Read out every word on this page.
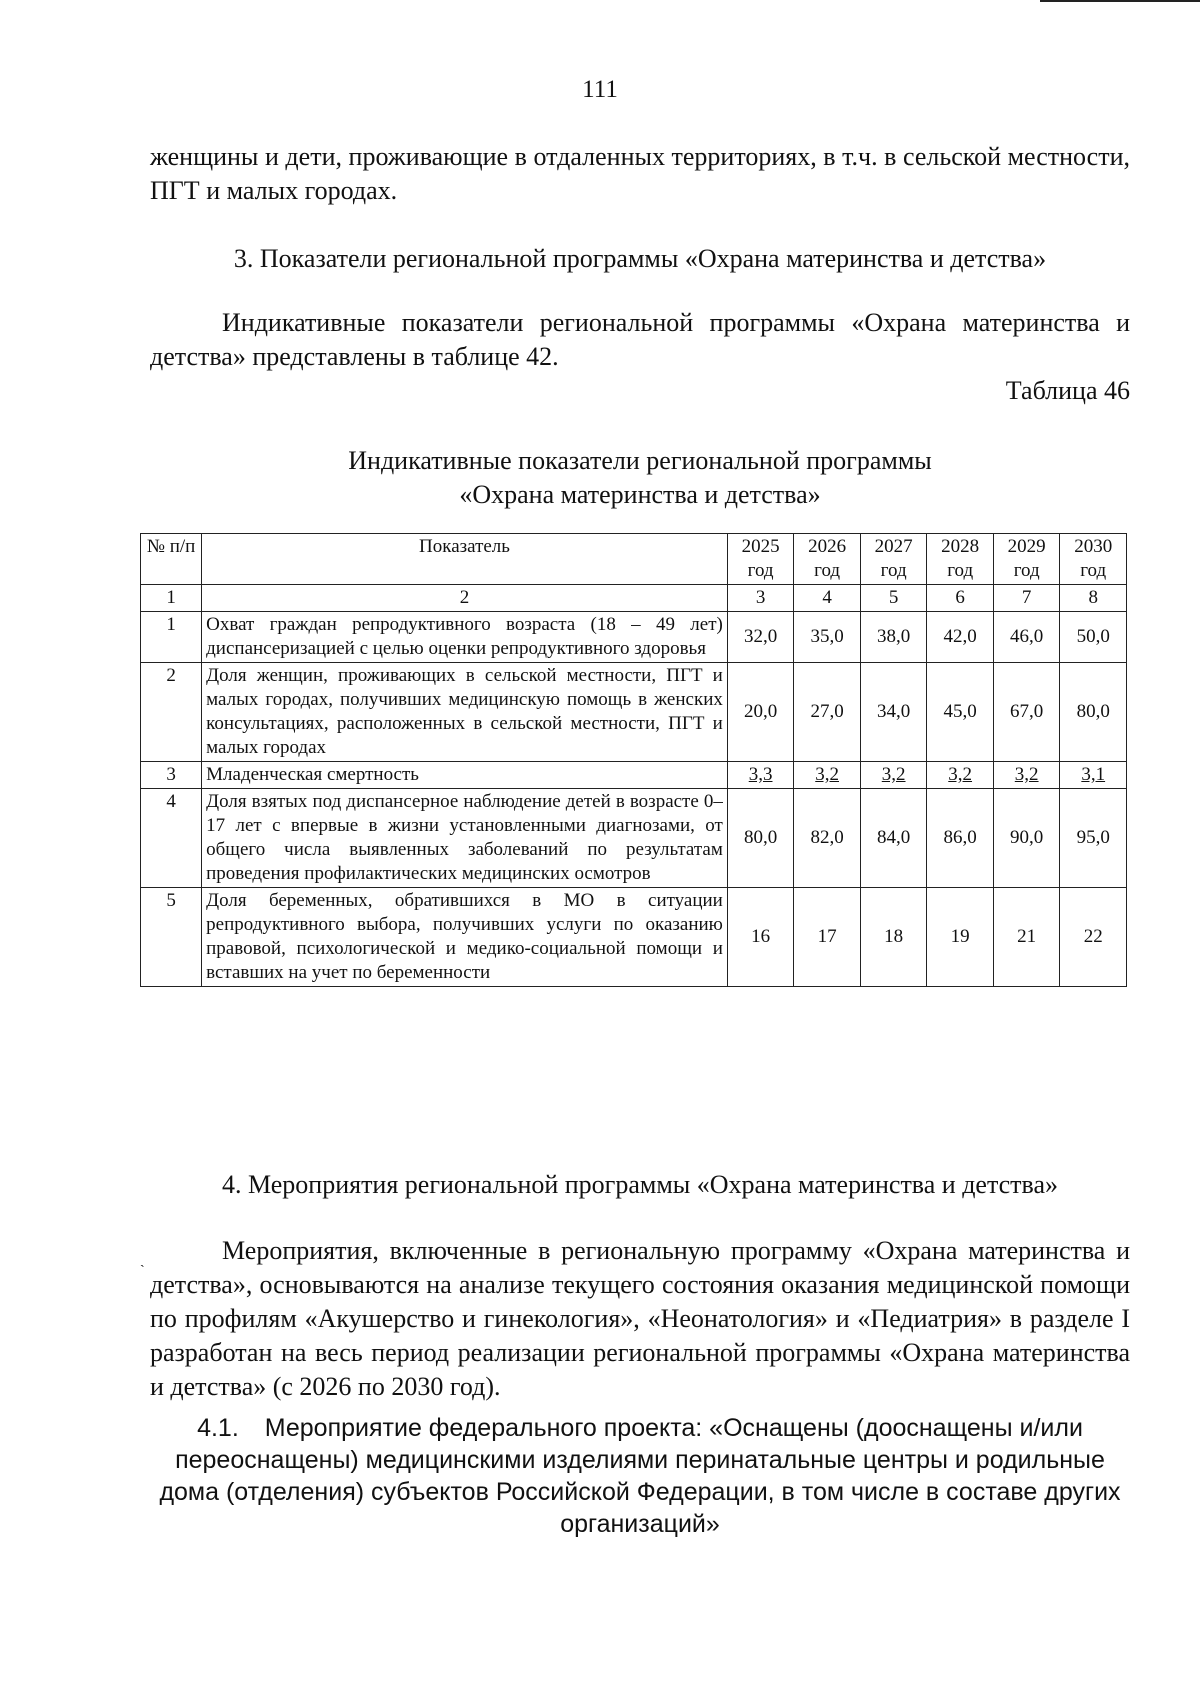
111

женщины и дети, проживающие в отдаленных территориях, в т.ч. в сельской местности, ПГТ и малых городах.

3. Показатели региональной программы «Охрана материнства и детства»

Индикативные показатели региональной программы «Охрана материнства и детства» представлены в таблице 42.

Таблица 46

Индикативные показатели региональной программы
«Охрана материнства и детства»

№ п/п	Показатель	2025 год	2026 год	2027 год	2028 год	2029 год	2030 год
1	2	3	4	5	6	7	8
1	Охват граждан репродуктивного возраста (18 – 49 лет) диспансеризацией с целью оценки репродуктивного здоровья	32,0	35,0	38,0	42,0	46,0	50,0
2	Доля женщин, проживающих в сельской местности, ПГТ и малых городах, получивших медицинскую помощь в женских консультациях, расположенных в сельской местности, ПГТ и малых городах	20,0	27,0	34,0	45,0	67,0	80,0
3	Младенческая смертность	3,3	3,2	3,2	3,2	3,2	3,1
4	Доля взятых под диспансерное наблюдение детей в возрасте 0–17 лет с впервые в жизни установленными диагнозами, от общего числа выявленных заболеваний по результатам проведения профилактических медицинских осмотров	80,0	82,0	84,0	86,0	90,0	95,0
5	Доля беременных, обратившихся в МО в ситуации репродуктивного выбора, получивших услуги по оказанию правовой, психологической и медико-социальной помощи и вставших на учет по беременности	16	17	18	19	21	22

4. Мероприятия региональной программы «Охрана материнства и детства»

ˏ	Мероприятия, включенные в региональную программу «Охрана материнства и детства», основываются на анализе текущего состояния оказания медицинской помощи по профилям «Акушерство и гинекология», «Неонатология» и «Педиатрия» в разделе I разработан на весь период реализации региональной программы «Охрана материнства и детства» (с 2026 по 2030 год).

4.1. Мероприятие федерального проекта: «Оснащены (дооснащены и/или переоснащены) медицинскими изделиями перинатальные центры и родильные дома (отделения) субъектов Российской Федерации, в том числе в составе других организаций»
